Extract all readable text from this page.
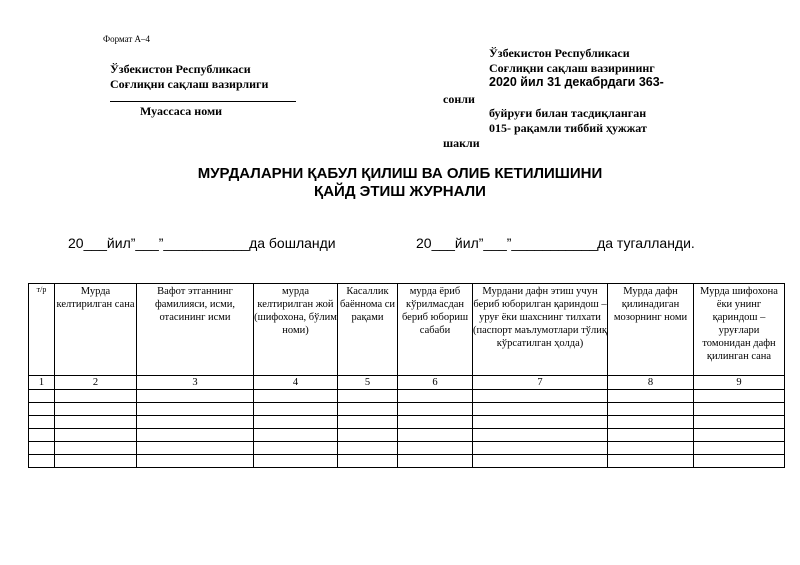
Формат А–4
Ўзбекистон Республикаси
Соғлиқни сақлаш вазирлиги
Муассаса номи
Ўзбекистон Республикаси
Соғлиқни сақлаш вазирининг
2020 йил 31 декабрдаги 363-
сонли
буйруғи билан тасдиқланган
015- рақамли тиббий ҳужжат
шакли
МУРДАЛАРНИ ҚАБУЛ ҚИЛИШ ВА ОЛИБ КЕТИЛИШИНИ
ҚАЙД ЭТИШ ЖУРНАЛИ
20___йил”___”___________да бошланди	20___йил”___”___________да тугалланди.
т/р	Мурда келтирилган сана	Вафот этганнинг фамилияси, исми, отасининг исми	мурда келтирилган жой (шифохона, бўлим номи)	Касаллик баённома си рақами	мурда ёриб кўрилмасдан бериб юбориш сабаби	Мурдани дафн этиш учун бериб юборилган қариндош –уруғ ёки шахснинг тилхати (паспорт маълумотлари тўлиқ кўрсатилган ҳолда)	Мурда дафн қилинадиган мозорнинг номи	Мурда шифохона ёки унинг қариндош –уруғлари томонидан дафн қилинган сана
1	2	3	4	5	6	7	8	9
